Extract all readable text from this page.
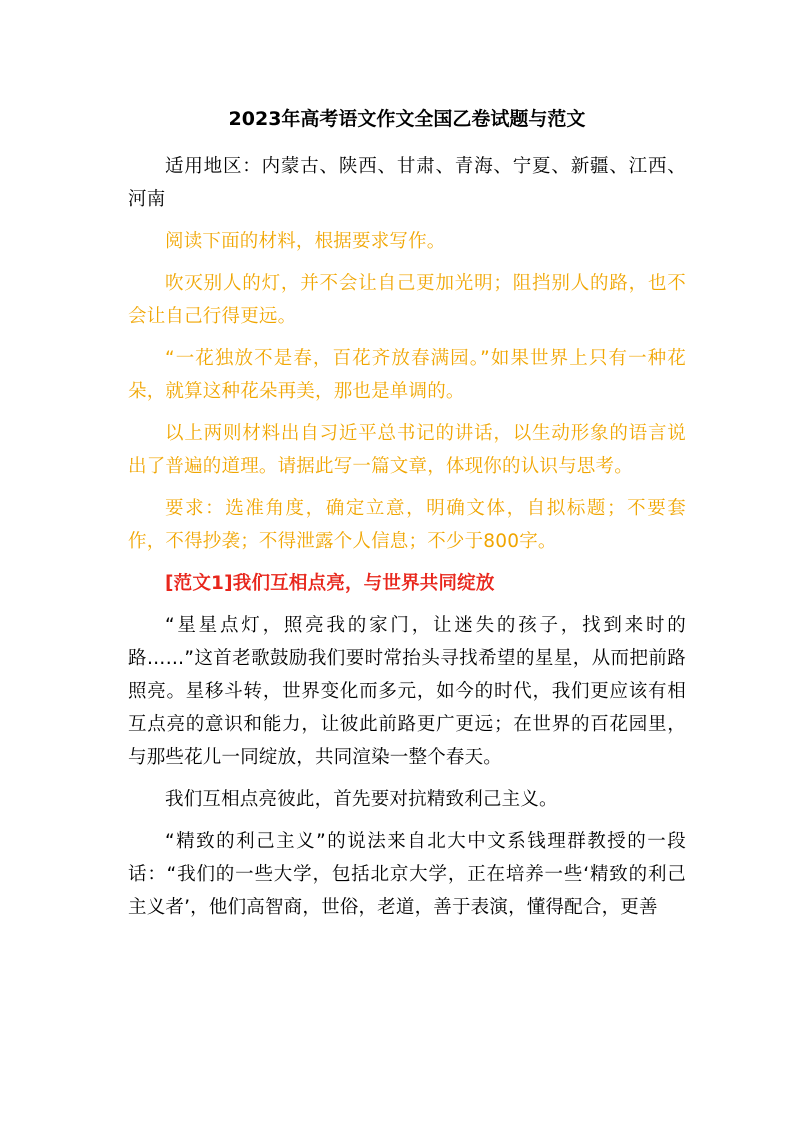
2023年高考语文作文全国乙卷试题与范文

适用地区：内蒙古、陕西、甘肃、青海、宁夏、新疆、江西、河南

阅读下面的材料，根据要求写作。

吹灭别人的灯，并不会让自己更加光明；阻挡别人的路，也不会让自己行得更远。

“一花独放不是春，百花齐放春满园。”如果世界上只有一种花朵，就算这种花朵再美，那也是单调的。

以上两则材料出自习近平总书记的讲话，以生动形象的语言说出了普遍的道理。请据此写一篇文章，体现你的认识与思考。

要求：选准角度，确定立意，明确文体，自拟标题；不要套作，不得抄袭；不得泄露个人信息；不少于800字。

[范文1]我们互相点亮，与世界共同绽放

“星星点灯，照亮我的家门，让迷失的孩子，找到来时的路……”这首老歌鼓励我们要时常抬头寻找希望的星星，从而把前路照亮。星移斗转，世界变化而多元，如今的时代，我们更应该有相互点亮的意识和能力，让彼此前路更广更远；在世界的百花园里，与那些花儿一同绽放，共同渲染一整个春天。

我们互相点亮彼此，首先要对抗精致利己主义。

“精致的利己主义”的说法来自北大中文系钱理群教授的一段话：“我们的一些大学，包括北京大学，正在培养一些‘精致的利己主义者’，他们高智商，世俗，老道，善于表演，懂得配合，更善
